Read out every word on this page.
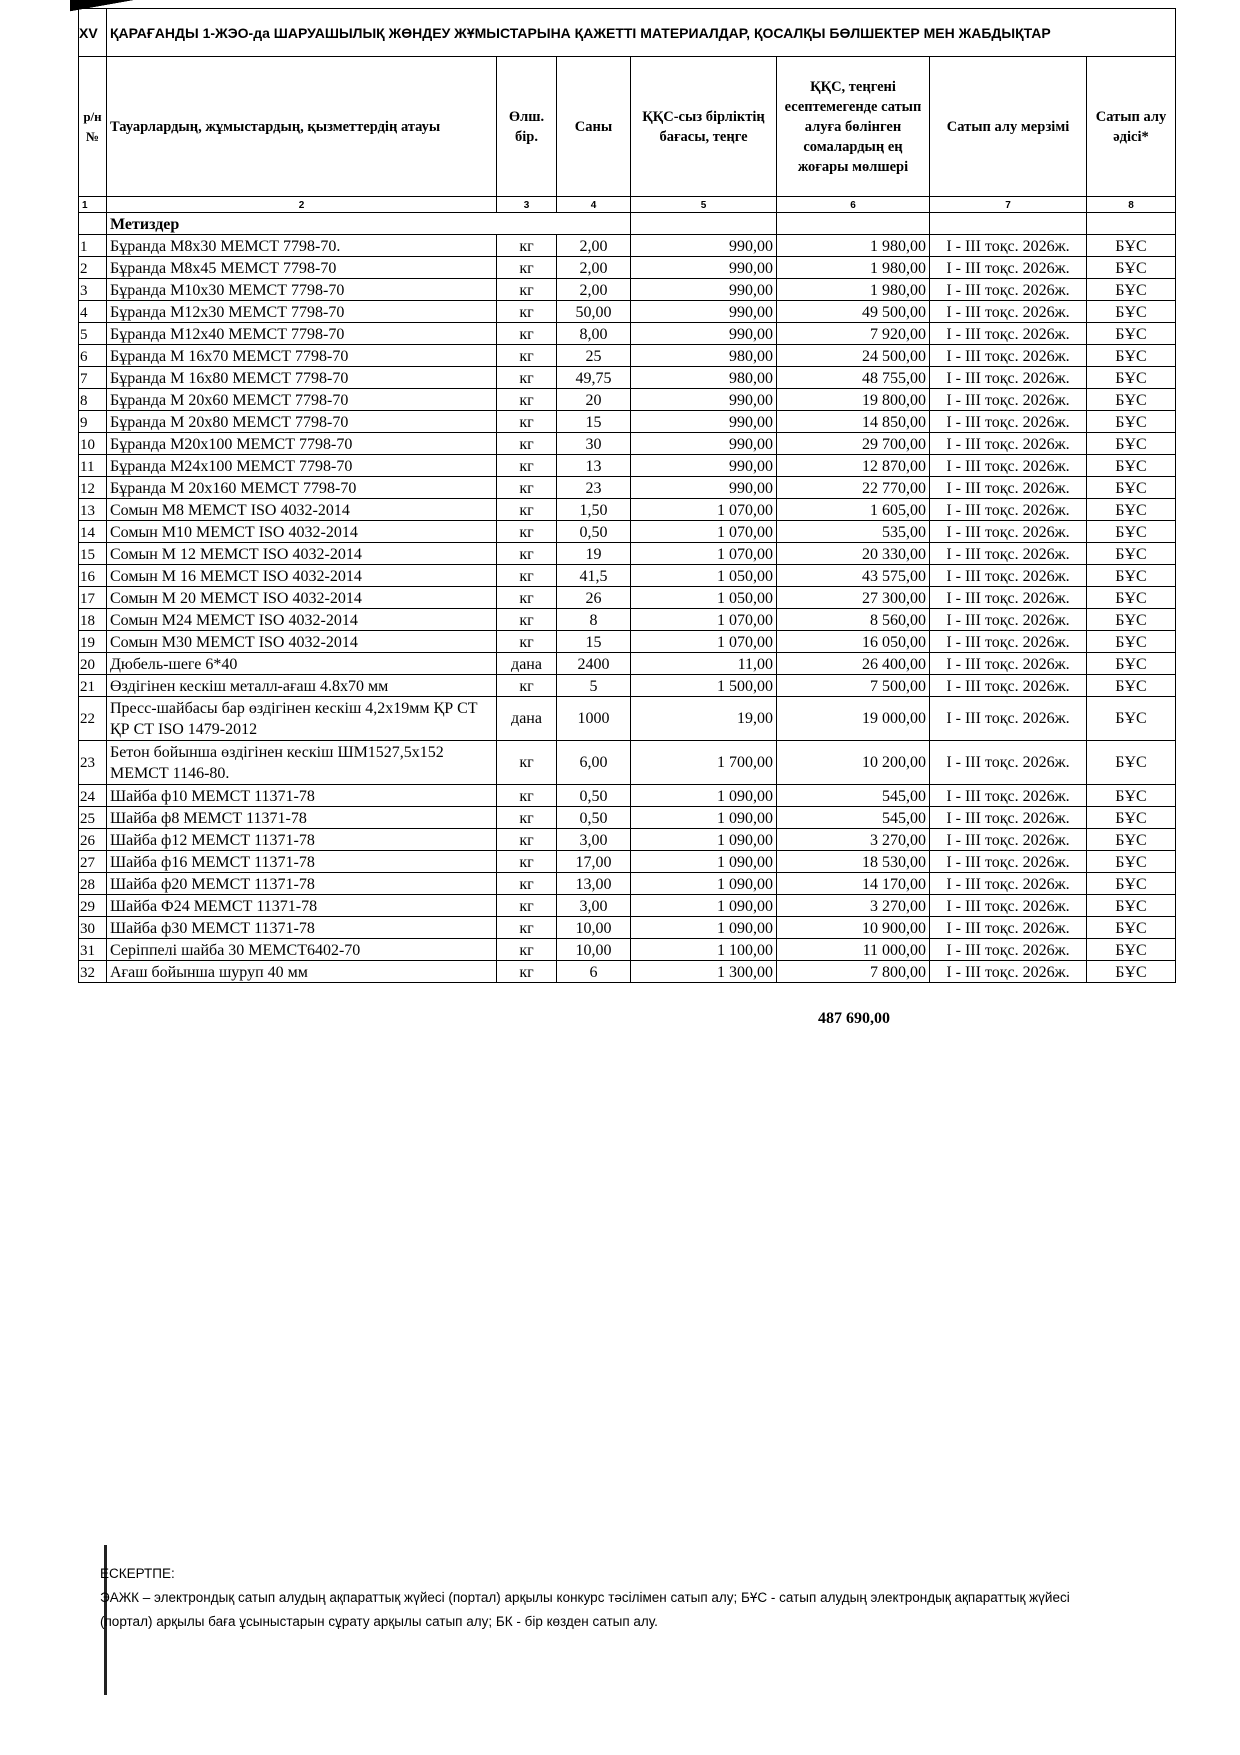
XV	ҚАРАҒАНДЫ 1-ЖЭО-да ШАРУАШЫЛЫҚ ЖӨНДЕУ ЖҰМЫСТАРЫНА ҚАЖЕТТІ МАТЕРИАЛДАР, ҚОСАЛҚЫ БӨЛШЕКТЕР МЕН ЖАБДЫҚТАР						
р/н №	Тауарлардың, жұмыстардың, қызметтердің атауы	Өлш. бір.	Саны	ҚҚС-сыз бірліктің бағасы, теңге	ҚҚС, теңгені есептемегенде сатып алуға бөлінген сомалардың ең жоғары мөлшері	Сатып алу мерзімі	Сатып алу әдісі*
1	2	3	4	5	6	7	8
	Метиздер						
1	Бұранда М8х30 МЕМСТ 7798-70.	кг	2,00	990,00	1 980,00	I - III тоқс. 2026ж.	БҰС
2	Бұранда М8х45 МЕМСТ 7798-70	кг	2,00	990,00	1 980,00	I - III тоқс. 2026ж.	БҰС
3	Бұранда М10х30 МЕМСТ 7798-70	кг	2,00	990,00	1 980,00	I - III тоқс. 2026ж.	БҰС
4	Бұранда М12х30 МЕМСТ 7798-70	кг	50,00	990,00	49 500,00	I - III тоқс. 2026ж.	БҰС
5	Бұранда М12х40 МЕМСТ 7798-70	кг	8,00	990,00	7 920,00	I - III тоқс. 2026ж.	БҰС
6	Бұранда М 16х70 МЕМСТ 7798-70	кг	25	980,00	24 500,00	I - III тоқс. 2026ж.	БҰС
7	Бұранда М 16х80 МЕМСТ 7798-70	кг	49,75	980,00	48 755,00	I - III тоқс. 2026ж.	БҰС
8	Бұранда М 20х60 МЕМСТ 7798-70	кг	20	990,00	19 800,00	I - III тоқс. 2026ж.	БҰС
9	Бұранда М 20х80 МЕМСТ 7798-70	кг	15	990,00	14 850,00	I - III тоқс. 2026ж.	БҰС
10	Бұранда М20х100 МЕМСТ 7798-70	кг	30	990,00	29 700,00	I - III тоқс. 2026ж.	БҰС
11	Бұранда М24х100 МЕМСТ 7798-70	кг	13	990,00	12 870,00	I - III тоқс. 2026ж.	БҰС
12	Бұранда М 20х160 МЕМСТ 7798-70	кг	23	990,00	22 770,00	I - III тоқс. 2026ж.	БҰС
13	Сомын М8 МЕМСТ ISO 4032-2014	кг	1,50	1 070,00	1 605,00	I - III тоқс. 2026ж.	БҰС
14	Сомын М10 МЕМСТ ISO 4032-2014	кг	0,50	1 070,00	535,00	I - III тоқс. 2026ж.	БҰС
15	Сомын М 12 МЕМСТ ISO 4032-2014	кг	19	1 070,00	20 330,00	I - III тоқс. 2026ж.	БҰС
16	Сомын М 16 МЕМСТ ISO 4032-2014	кг	41,5	1 050,00	43 575,00	I - III тоқс. 2026ж.	БҰС
17	Сомын М 20 МЕМСТ ISO 4032-2014	кг	26	1 050,00	27 300,00	I - III тоқс. 2026ж.	БҰС
18	Сомын М24 МЕМСТ ISO 4032-2014	кг	8	1 070,00	8 560,00	I - III тоқс. 2026ж.	БҰС
19	Сомын М30 МЕМСТ ISO 4032-2014	кг	15	1 070,00	16 050,00	I - III тоқс. 2026ж.	БҰС
20	Дюбель-шеге 6*40	дана	2400	11,00	26 400,00	I - III тоқс. 2026ж.	БҰС
21	Өздігінен кескіш металл-ағаш 4.8х70 мм	кг	5	1 500,00	7 500,00	I - III тоқс. 2026ж.	БҰС
22	Пресс-шайбасы бар өздігінен кескіш 4,2х19мм ҚР СТ ҚР СТ ISO 1479-2012	дана	1000	19,00	19 000,00	I - III тоқс. 2026ж.	БҰС
23	Бетон бойынша өздігінен кескіш ШМ1527,5х152 МЕМСТ 1146-80.	кг	6,00	1 700,00	10 200,00	I - III тоқс. 2026ж.	БҰС
24	Шайба ф10 МЕМСТ 11371-78	кг	0,50	1 090,00	545,00	I - III тоқс. 2026ж.	БҰС
25	Шайба ф8 МЕМСТ 11371-78	кг	0,50	1 090,00	545,00	I - III тоқс. 2026ж.	БҰС
26	Шайба ф12 МЕМСТ 11371-78	кг	3,00	1 090,00	3 270,00	I - III тоқс. 2026ж.	БҰС
27	Шайба ф16 МЕМСТ 11371-78	кг	17,00	1 090,00	18 530,00	I - III тоқс. 2026ж.	БҰС
28	Шайба ф20 МЕМСТ 11371-78	кг	13,00	1 090,00	14 170,00	I - III тоқс. 2026ж.	БҰС
29	Шайба Ф24 МЕМСТ 11371-78	кг	3,00	1 090,00	3 270,00	I - III тоқс. 2026ж.	БҰС
30	Шайба ф30 МЕМСТ 11371-78	кг	10,00	1 090,00	10 900,00	I - III тоқс. 2026ж.	БҰС
31	Серіппелі шайба 30 МЕМСТ6402-70	кг	10,00	1 100,00	11 000,00	I - III тоқс. 2026ж.	БҰС
32	Ағаш бойынша шуруп 40 мм	кг	6	1 300,00	7 800,00	I - III тоқс. 2026ж.	БҰС
487 690,00
ЕСКЕРТПЕ:
ЭАЖК – электрондық сатып алудың ақпараттық жүйесі (портал) арқылы конкурс тәсілімен сатып алу; БҰС - сатып алудың электрондық ақпараттық жүйесі
(портал) арқылы баға ұсыныстарын сұрату арқылы сатып алу; БК - бір көзден сатып алу.
